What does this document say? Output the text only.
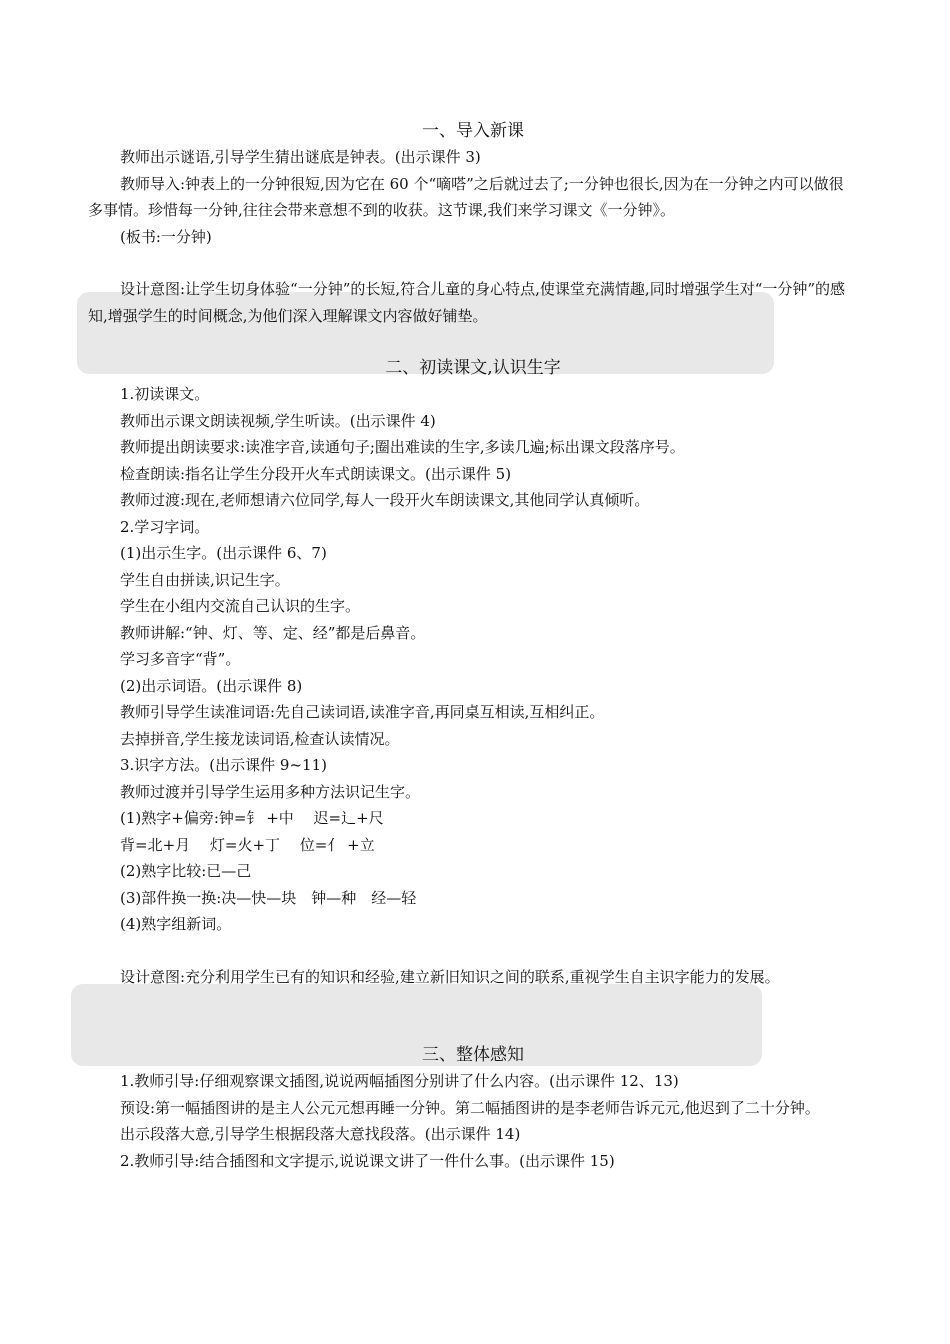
一、导入新课

教师出示谜语,引导学生猜出谜底是钟表。(出示课件 3)

教师导入:钟表上的一分钟很短,因为它在 60 个“嘀嗒”之后就过去了;一分钟也很长,因为在一分钟之内可以做很多事情。珍惜每一分钟,往往会带来意想不到的收获。这节课,我们来学习课文《一分钟》。

(板书:一分钟)

设计意图:让学生切身体验“一分钟”的长短,符合儿童的身心特点,使课堂充满情趣,同时增强学生对“一分钟”的感知,增强学生的时间概念,为他们深入理解课文内容做好铺垫。

二、初读课文,认识生字

1.初读课文。

教师出示课文朗读视频,学生听读。(出示课件 4)

教师提出朗读要求:读准字音,读通句子;圈出难读的生字,多读几遍;标出课文段落序号。

检查朗读:指名让学生分段开火车式朗读课文。(出示课件 5)

教师过渡:现在,老师想请六位同学,每人一段开火车朗读课文,其他同学认真倾听。

2.学习字词。

(1)出示生字。(出示课件 6、7)

学生自由拼读,识记生字。

学生在小组内交流自己认识的生字。

教师讲解:“钟、灯、等、定、经”都是后鼻音。

学习多音字“背”。

(2)出示词语。(出示课件 8)

教师引导学生读准词语:先自己读词语,读准字音,再同桌互相读,互相纠正。

去掉拼音,学生接龙读词语,检查认读情况。

3.识字方法。(出示课件 9~11)

教师过渡并引导学生运用多种方法识记生字。

(1)熟字+偏旁:钟=钅 +中　 迟=辶+尺

背=北+月　 灯=火+丁　 位=亻 +立

(2)熟字比较:已—己

(3)部件换一换:决—快—块　钟—种　经—轻

(4)熟字组新词。

设计意图:充分利用学生已有的知识和经验,建立新旧知识之间的联系,重视学生自主识字能力的发展。

三、整体感知

1.教师引导:仔细观察课文插图,说说两幅插图分别讲了什么内容。(出示课件 12、13)

预设:第一幅插图讲的是主人公元元想再睡一分钟。第二幅插图讲的是李老师告诉元元,他迟到了二十分钟。

出示段落大意,引导学生根据段落大意找段落。(出示课件 14)

2.教师引导:结合插图和文字提示,说说课文讲了一件什么事。(出示课件 15)
